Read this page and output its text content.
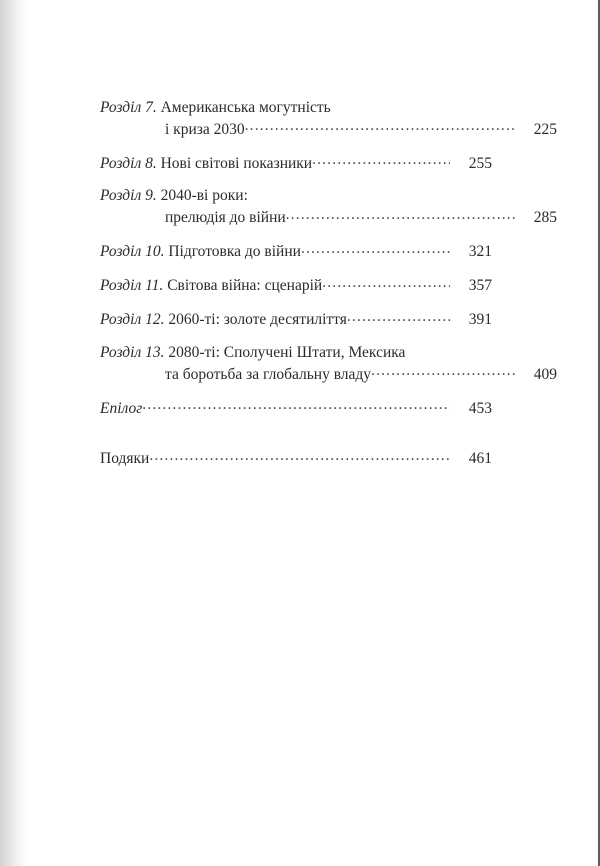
Розділ 7. Американська могутність
і криза 2030 .....	225
Розділ 8. Нові світові показники .....	255
Розділ 9. 2040-ві роки:
прелюдія до війни .....	285
Розділ 10. Підготовка до війни .....	321
Розділ 11. Світова війна: сценарій .....	357
Розділ 12. 2060-ті: золоте десятиліття .....	391
Розділ 13. 2080-ті: Сполучені Штати, Мексика
та боротьба за глобальну владу .....	409
Епілог .....	453
Подяки .....	461
